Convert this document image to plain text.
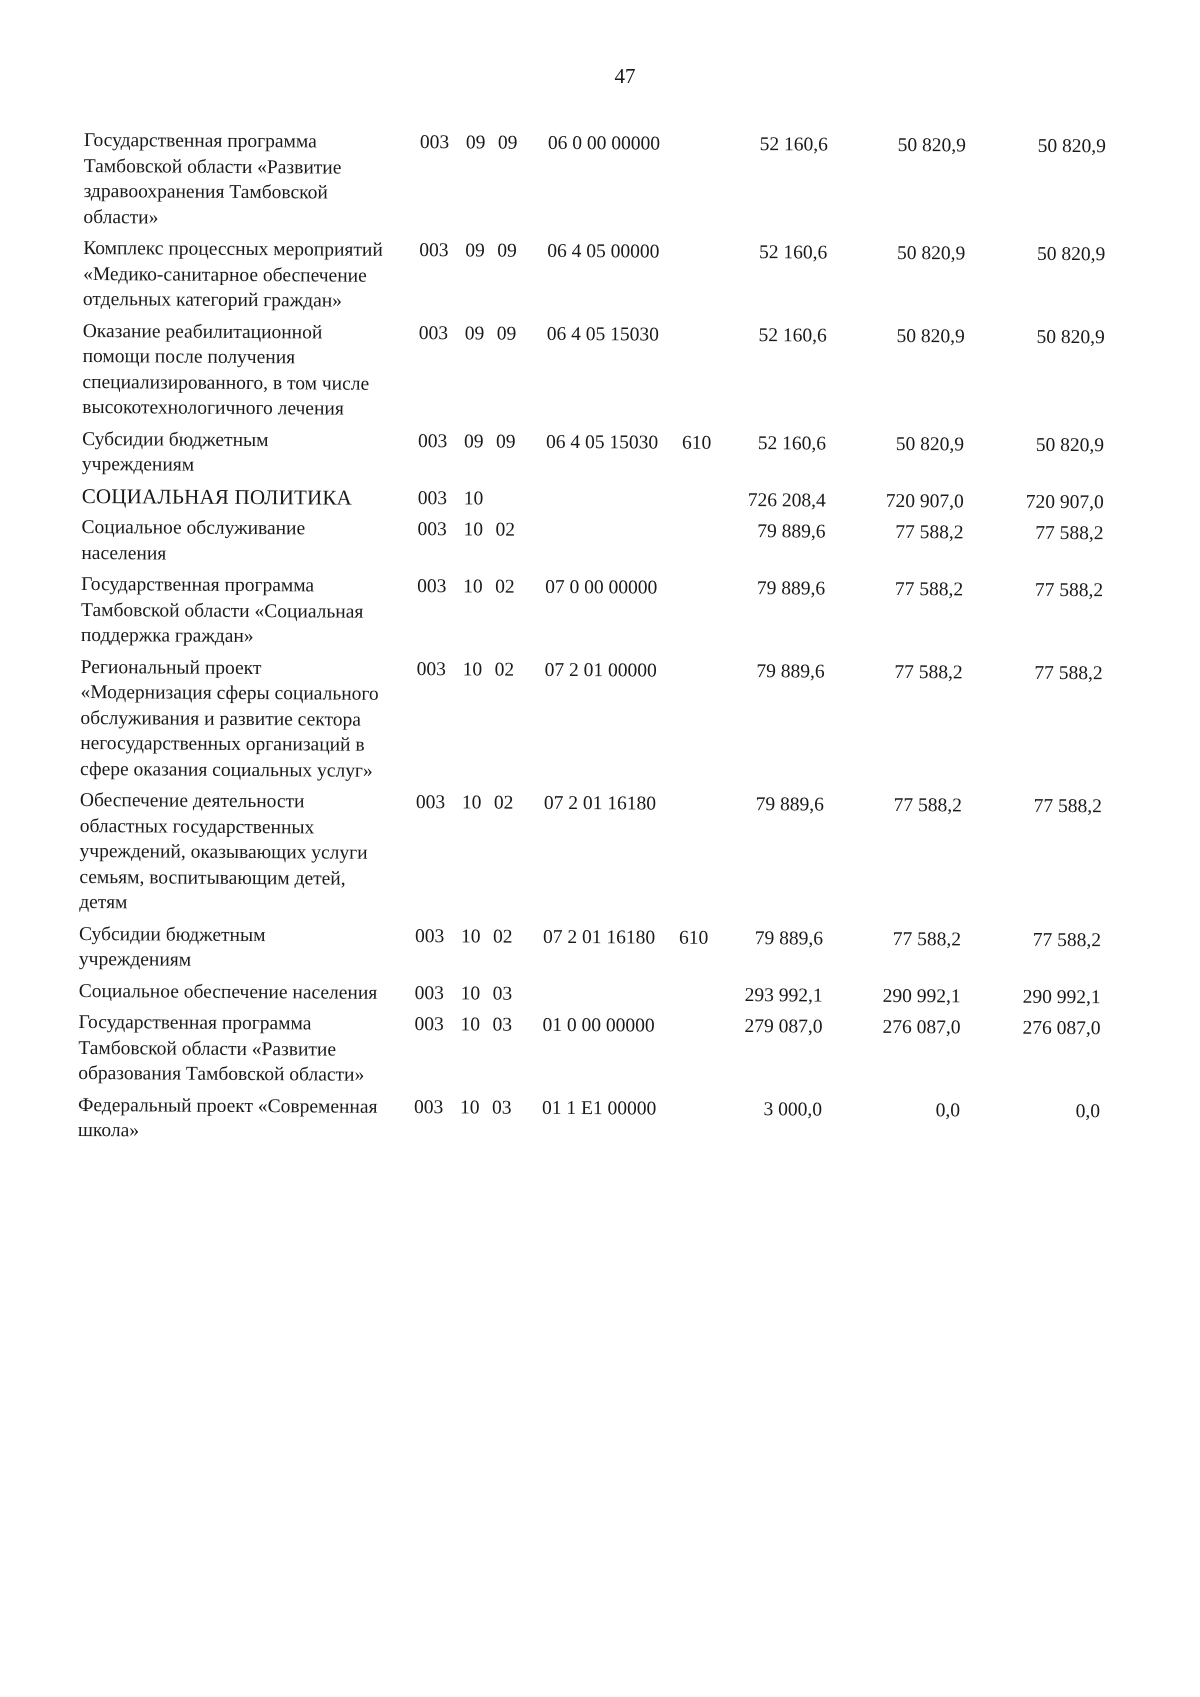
47
Государственная программа Тамбовской области «Развитие здравоохранения Тамбовской области»
003 09 09 06 0 00 00000	52 160,6	50 820,9	50 820,9
Комплекс процессных мероприятий «Медико-санитарное обеспечение отдельных категорий граждан»
003 09 09 06 4 05 00000	52 160,6	50 820,9	50 820,9
Оказание реабилитационной помощи после получения специализированного, в том числе высокотехнологичного лечения
003 09 09 06 4 05 15030	52 160,6	50 820,9	50 820,9
Субсидии бюджетным учреждениям
003 09 09 06 4 05 15030 610 52 160,6	50 820,9	50 820,9
СОЦИАЛЬНАЯ ПОЛИТИКА	003 10	726 208,4	720 907,0	720 907,0
Социальное обслуживание населения
003 10 02	79 889,6	77 588,2	77 588,2
Государственная программа Тамбовской области «Социальная поддержка граждан»
003 10 02 07 0 00 00000	79 889,6	77 588,2	77 588,2
Региональный проект «Модернизация сферы социального обслуживания и развитие сектора негосударственных организаций в сфере оказания социальных услуг»
003 10 02 07 2 01 00000	79 889,6	77 588,2	77 588,2
Обеспечение деятельности областных государственных учреждений, оказывающих услуги семьям, воспитывающим детей, детям
003 10 02 07 2 01 16180	79 889,6	77 588,2	77 588,2
Субсидии бюджетным учреждениям
003 10 02 07 2 01 16180 610 79 889,6	77 588,2	77 588,2
Социальное обеспечение населения 003 10 03	293 992,1	290 992,1	290 992,1
Государственная программа Тамбовской области «Развитие образования Тамбовской области»
003 10 03 01 0 00 00000	279 087,0	276 087,0	276 087,0
Федеральный проект «Современная школа»
003 10 03 01 1 E1 00000	3 000,0	0,0	0,0
